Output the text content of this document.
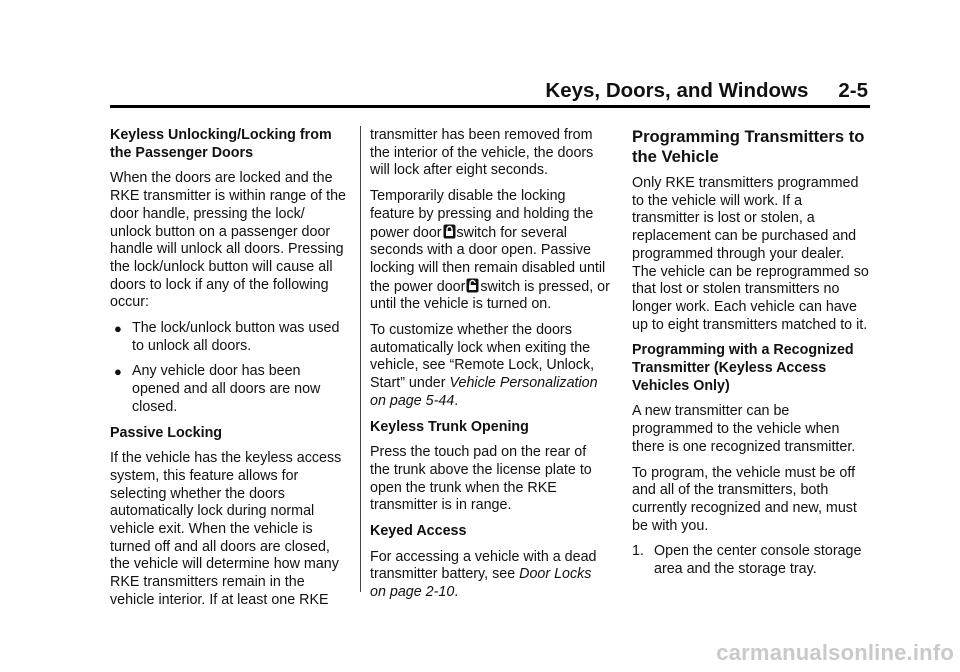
Keys, Doors, and Windows 2-5

Keyless Unlocking/Locking from the Passenger Doors

When the doors are locked and the RKE transmitter is within range of the door handle, pressing the lock/ unlock button on a passenger door handle will unlock all doors. Pressing the lock/unlock button will cause all doors to lock if any of the following occur:

● The lock/unlock button was used to unlock all doors.
● Any vehicle door has been opened and all doors are now closed.

Passive Locking

If the vehicle has the keyless access system, this feature allows for selecting whether the doors automatically lock during normal vehicle exit. When the vehicle is turned off and all doors are closed, the vehicle will determine how many RKE transmitters remain in the vehicle interior. If at least one RKE

transmitter has been removed from the interior of the vehicle, the doors will lock after eight seconds.

Temporarily disable the locking feature by pressing and holding the power door switch for several seconds with a door open. Passive locking will then remain disabled until the power door switch is pressed, or until the vehicle is turned on.

To customize whether the doors automatically lock when exiting the vehicle, see “Remote Lock, Unlock, Start” under Vehicle Personalization on page 5-44.

Keyless Trunk Opening

Press the touch pad on the rear of the trunk above the license plate to open the trunk when the RKE transmitter is in range.

Keyed Access

For accessing a vehicle with a dead transmitter battery, see Door Locks on page 2-10.

Programming Transmitters to the Vehicle

Only RKE transmitters programmed to the vehicle will work. If a transmitter is lost or stolen, a replacement can be purchased and programmed through your dealer. The vehicle can be reprogrammed so that lost or stolen transmitters no longer work. Each vehicle can have up to eight transmitters matched to it.

Programming with a Recognized Transmitter (Keyless Access Vehicles Only)

A new transmitter can be programmed to the vehicle when there is one recognized transmitter.

To program, the vehicle must be off and all of the transmitters, both currently recognized and new, must be with you.

1. Open the center console storage area and the storage tray.
carmanualsonline.info
